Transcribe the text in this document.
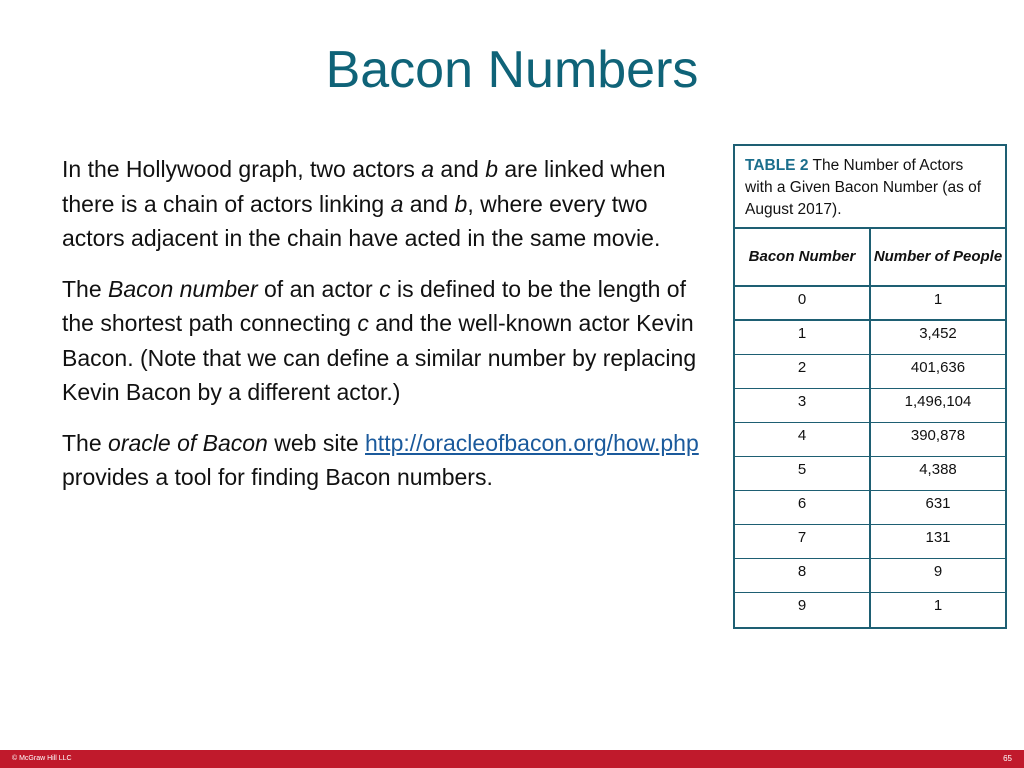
Bacon Numbers

In the Hollywood graph, two actors a and b are linked when there is a chain of actors linking a and b, where every two actors adjacent in the chain have acted in the same movie.

The Bacon number of an actor c is defined to be the length of the shortest path connecting c and the well-known actor Kevin Bacon. (Note that we can define a similar number by replacing Kevin Bacon by a different actor.)

The oracle of Bacon web site http://oracleofbacon.org/how.php provides a tool for finding Bacon numbers.

TABLE 2 The Number of Actors with a Given Bacon Number (as of August 2017).
Bacon Number	Number of People
0	1
1	3,452
2	401,636
3	1,496,104
4	390,878
5	4,388
6	631
7	131
8	9
9	1
© McGraw Hill LLC	65
